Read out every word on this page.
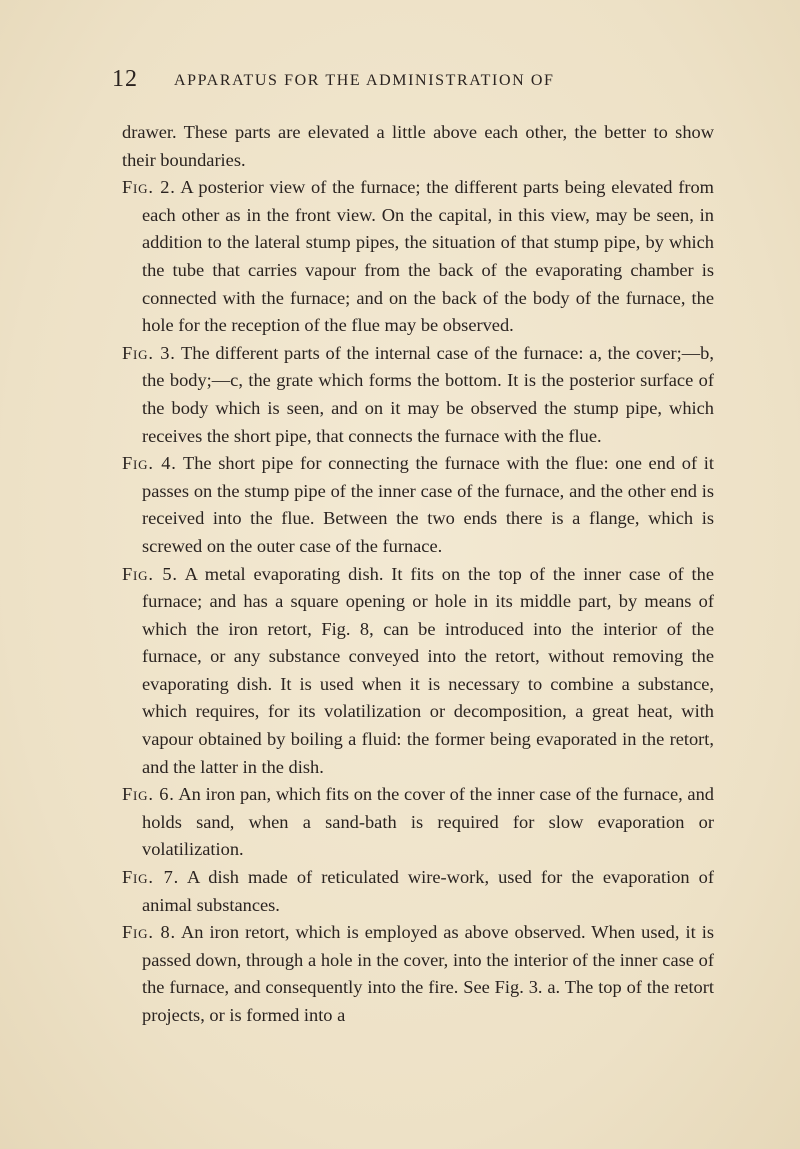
12 APPARATUS FOR THE ADMINISTRATION OF

drawer. These parts are elevated a little above each other, the better to show their boundaries.

Fig. 2. A posterior view of the furnace; the different parts being elevated from each other as in the front view. On the capital, in this view, may be seen, in addition to the lateral stump pipes, the situation of that stump pipe, by which the tube that carries vapour from the back of the evaporating chamber is connected with the furnace; and on the back of the body of the furnace, the hole for the reception of the flue may be observed.

Fig. 3. The different parts of the internal case of the furnace: a, the cover;—b, the body;—c, the grate which forms the bottom. It is the posterior surface of the body which is seen, and on it may be observed the stump pipe, which receives the short pipe, that connects the furnace with the flue.

Fig. 4. The short pipe for connecting the furnace with the flue: one end of it passes on the stump pipe of the inner case of the furnace, and the other end is received into the flue. Between the two ends there is a flange, which is screwed on the outer case of the furnace.

Fig. 5. A metal evaporating dish. It fits on the top of the inner case of the furnace; and has a square opening or hole in its middle part, by means of which the iron retort, Fig. 8, can be introduced into the interior of the furnace, or any substance conveyed into the retort, without removing the evaporating dish. It is used when it is necessary to combine a substance, which requires, for its volatilization or decomposition, a great heat, with vapour obtained by boiling a fluid: the former being evaporated in the retort, and the latter in the dish.

Fig. 6. An iron pan, which fits on the cover of the inner case of the furnace, and holds sand, when a sand-bath is required for slow evaporation or volatilization.

Fig. 7. A dish made of reticulated wire-work, used for the evaporation of animal substances.

Fig. 8. An iron retort, which is employed as above observed. When used, it is passed down, through a hole in the cover, into the interior of the inner case of the furnace, and consequently into the fire. See Fig. 3. a. The top of the retort projects, or is formed into a
